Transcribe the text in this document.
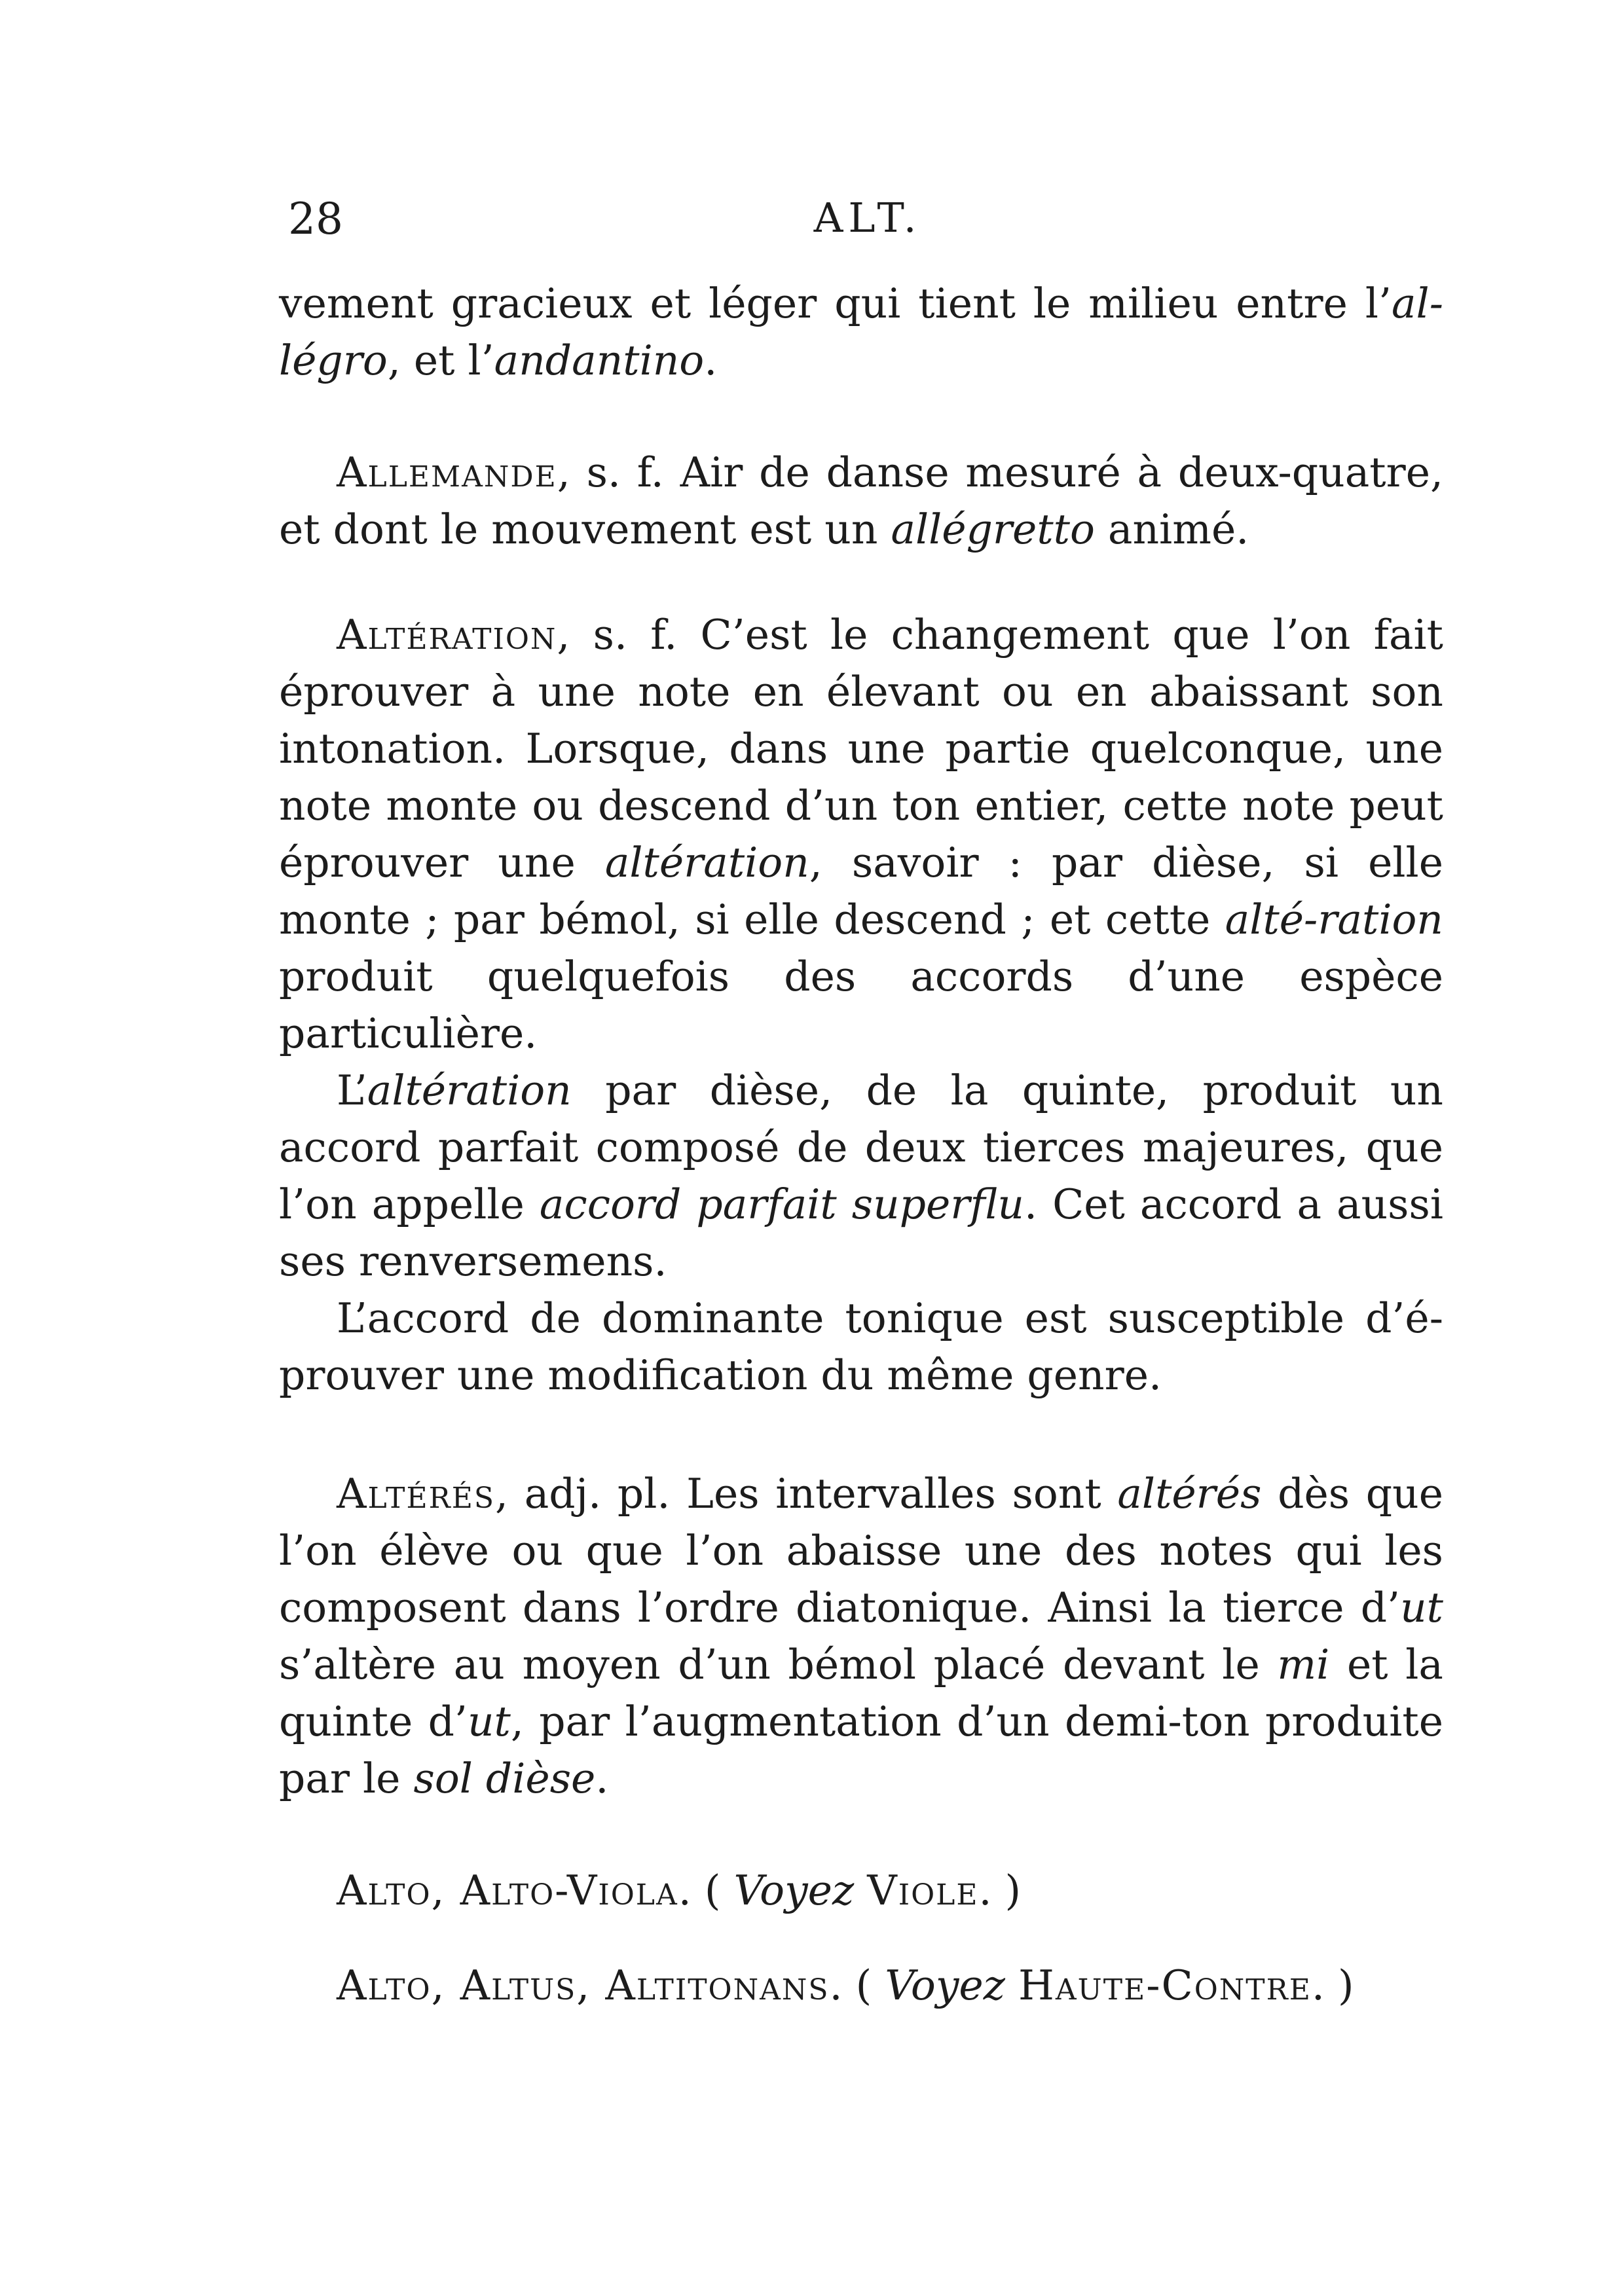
28	ALT.

vement gracieux et léger qui tient le milieu entre l’al-légro, et l’andantino.

Allemande, s. f. Air de danse mesuré à deux-quatre, et dont le mouvement est un allégretto animé.

Altération, s. f. C’est le changement que l’on fait éprouver à une note en élevant ou en abaissant son intonation. Lorsque, dans une partie quelconque, une note monte ou descend d’un ton entier, cette note peut éprouver une altération, savoir : par dièse, si elle monte ; par bémol, si elle descend ; et cette alté-ration produit quelquefois des accords d’une espèce particulière.

L’altération par dièse, de la quinte, produit un accord parfait composé de deux tierces majeures, que l’on appelle accord parfait superflu. Cet accord a aussi ses renversemens.

L’accord de dominante tonique est susceptible d’é-prouver une modification du même genre.

Altérés, adj. pl. Les intervalles sont altérés dès que l’on élève ou que l’on abaisse une des notes qui les composent dans l’ordre diatonique. Ainsi la tierce d’ut s’altère au moyen d’un bémol placé devant le mi et la quinte d’ut, par l’augmentation d’un demi-ton produite par le sol dièse.

Alto, Alto-Viola. ( Voyez Viole. )

Alto, Altus, Altitonans. ( Voyez Haute-Contre. )
